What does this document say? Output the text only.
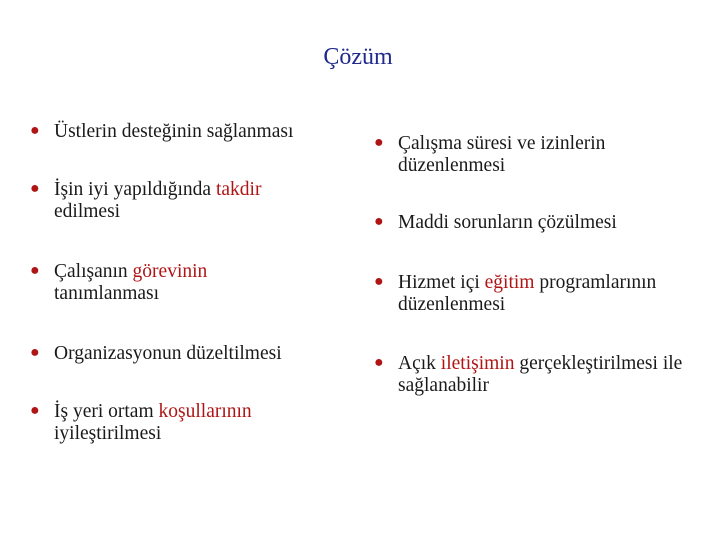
Çözüm
● Üstlerin desteğinin sağlanması
● İşin iyi yapıldığında takdir edilmesi
● Çalışanın görevinin tanımlanması
● Organizasyonun düzeltilmesi
● İş yeri ortam koşullarının iyileştirilmesi
● Çalışma süresi ve izinlerin düzenlenmesi
● Maddi sorunların çözülmesi
● Hizmet içi eğitim programlarının düzenlenmesi
● Açık iletişimin gerçekleştirilmesi ile sağlanabilir
